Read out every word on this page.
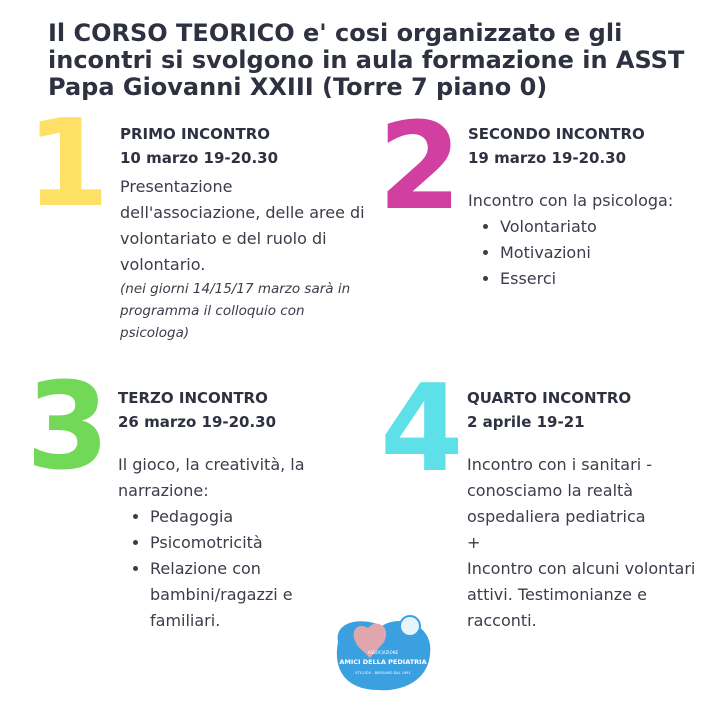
Il CORSO TEORICO e' cosi organizzato e gli incontri si svolgono in aula formazione in ASST Papa Giovanni XXIII (Torre 7 piano 0)
1 PRIMO INCONTRO
10 marzo 19-20.30
Presentazione dell'associazione, delle aree di volontariato e del ruolo di volontario.
(nei giorni 14/15/17 marzo sarà in programma il colloquio con psicologa)
2 SECONDO INCONTRO
19 marzo 19-20.30
Incontro con la psicologa:
• Volontariato
• Motivazioni
• Esserci
3 TERZO INCONTRO
26 marzo 19-20.30
Il gioco, la creatività, la narrazione:
• Pedagogia
• Psicomotricità
• Relazione con bambini/ragazzi e familiari.
4 QUARTO INCONTRO
2 aprile 19-21
Incontro con i sanitari - conosciamo la realtà ospedaliera pediatrica
+
Incontro con alcuni volontari attivi. Testimonianze e racconti.
ASSOCIAZIONE
AMICI DELLA PEDIATRIA
ETS-ODV - BERGAMO DAL 1991
